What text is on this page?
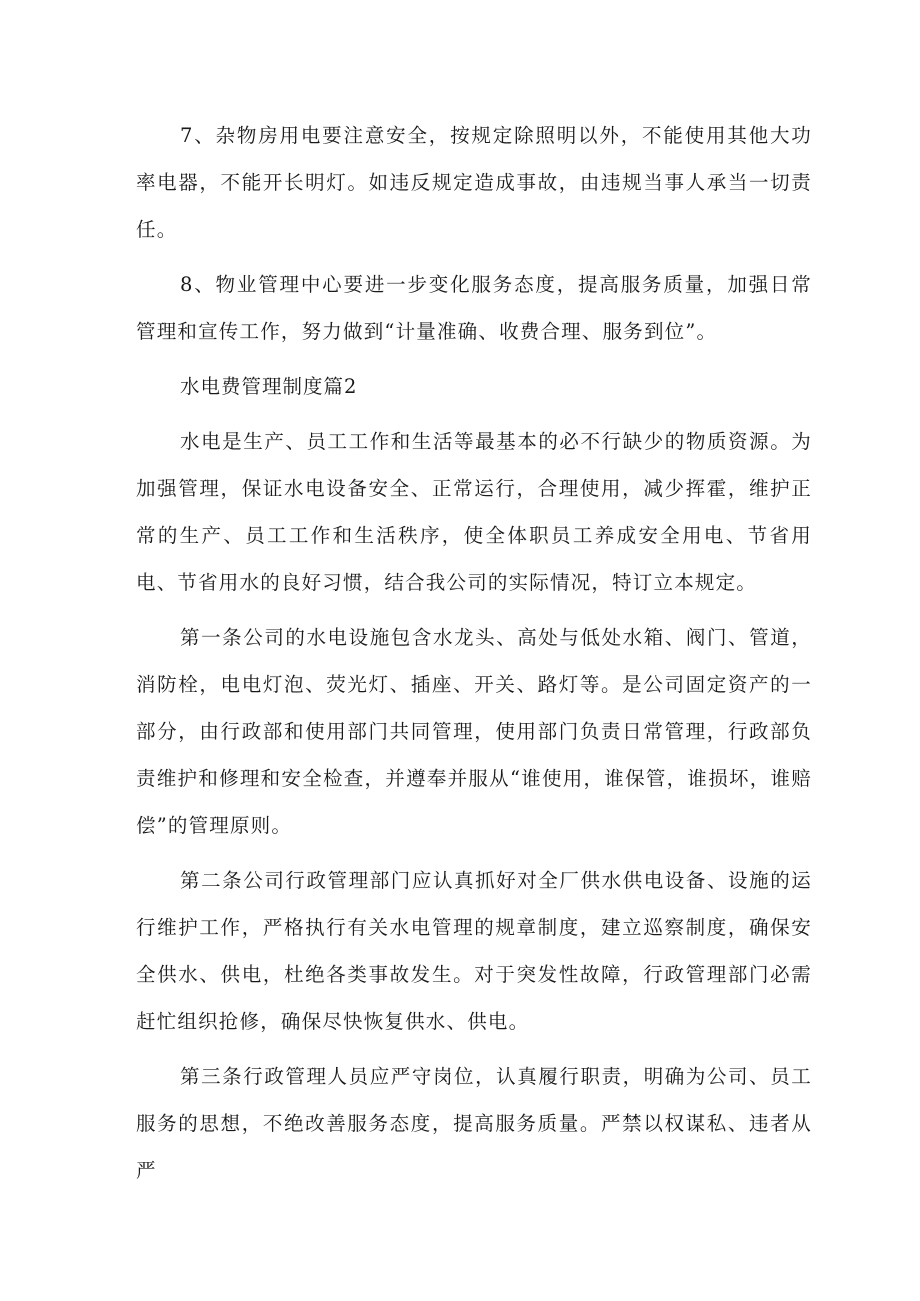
7、杂物房用电要注意安全，按规定除照明以外，不能使用其他大功率电器，不能开长明灯。如违反规定造成事故，由违规当事人承当一切责任。

8、物业管理中心要进一步变化服务态度，提高服务质量，加强日常管理和宣传工作，努力做到“计量准确、收费合理、服务到位”。

水电费管理制度篇2

水电是生产、员工工作和生活等最基本的必不行缺少的物质资源。为加强管理，保证水电设备安全、正常运行，合理使用，减少挥霍，维护正常的生产、员工工作和生活秩序，使全体职员工养成安全用电、节省用电、节省用水的良好习惯，结合我公司的实际情况，特订立本规定。

第一条公司的水电设施包含水龙头、高处与低处水箱、阀门、管道，消防栓，电电灯泡、荧光灯、插座、开关、路灯等。是公司固定资产的一部分，由行政部和使用部门共同管理，使用部门负责日常管理，行政部负责维护和修理和安全检查，并遵奉并服从“谁使用，谁保管，谁损坏，谁赔偿”的管理原则。

第二条公司行政管理部门应认真抓好对全厂供水供电设备、设施的运行维护工作，严格执行有关水电管理的规章制度，建立巡察制度，确保安全供水、供电，杜绝各类事故发生。对于突发性故障，行政管理部门必需赶忙组织抢修，确保尽快恢复供水、供电。

第三条行政管理人员应严守岗位，认真履行职责，明确为公司、员工服务的思想，不绝改善服务态度，提高服务质量。严禁以权谋私、违者从严
